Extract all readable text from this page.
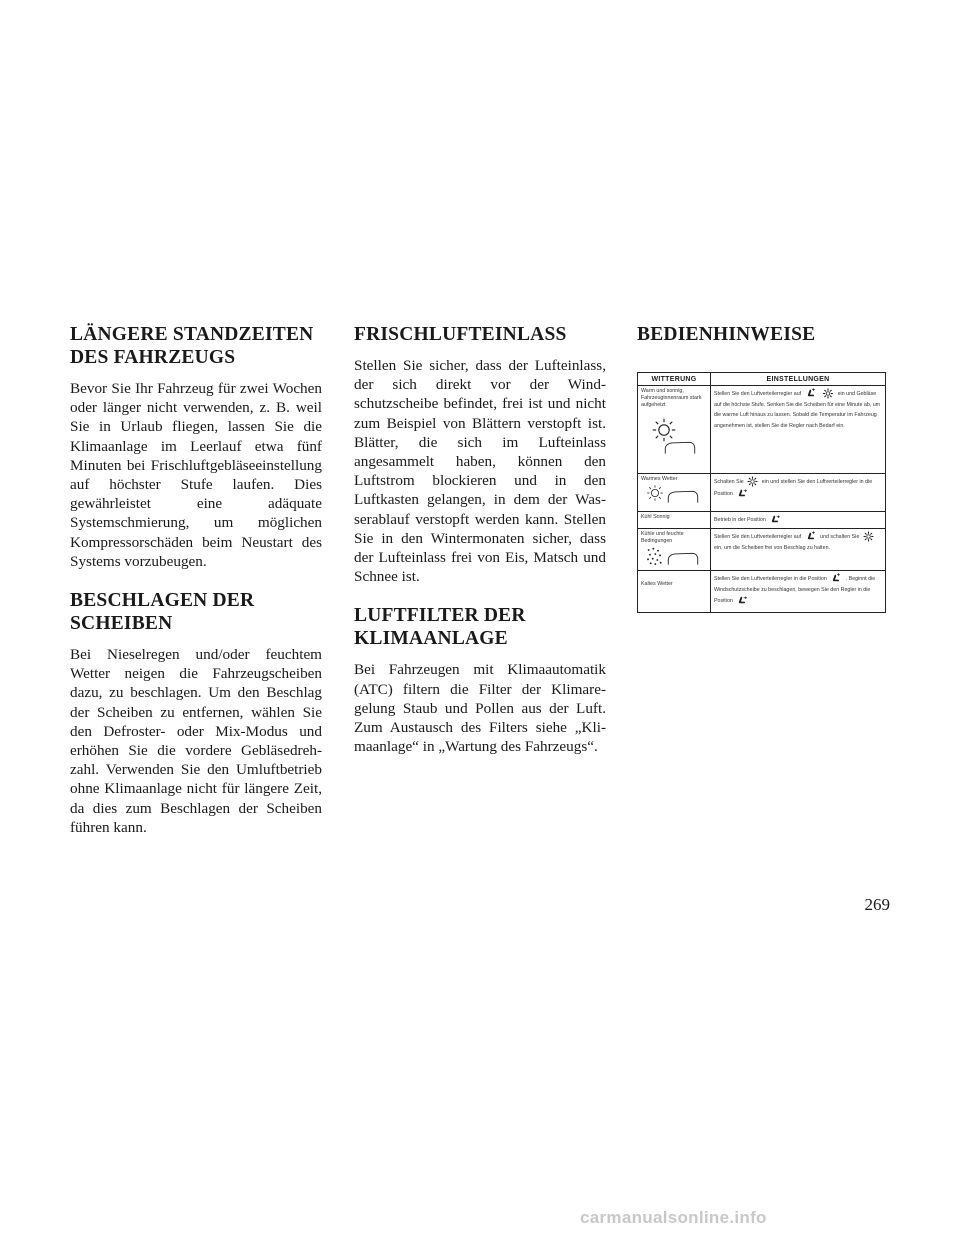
LÄNGERE STANDZEITEN DES FAHRZEUGS

Bevor Sie Ihr Fahrzeug für zwei Wochen oder länger nicht verwenden, z. B. weil Sie in Urlaub fliegen, lassen Sie die Klimaanlage im Leerlauf etwa fünf Minuten bei Frischluftgebläseeinstellung auf höchster Stufe laufen. Dies gewährleistet eine adäquate Systemschmierung, um möglichen Kompressorschäden beim Neustart des Systems vorzubeugen.

BESCHLAGEN DER SCHEIBEN

Bei Nieselregen und/oder feuchtem Wetter neigen die Fahrzeugscheiben dazu, zu beschlagen. Um den Beschlag der Scheiben zu entfernen, wählen Sie den Defroster- oder Mix-Modus und erhöhen Sie die vordere Gebläsedrehzahl. Verwenden Sie den Umluftbetrieb ohne Klimaanlage nicht für längere Zeit, da dies zum Beschlagen der Scheiben führen kann.

FRISCHLUFTEINLASS

Stellen Sie sicher, dass der Lufteinlass, der sich direkt vor der Windschutzscheibe befindet, frei ist und nicht zum Beispiel von Blättern verstopft ist. Blätter, die sich im Lufteinlass angesammelt haben, können den Luftstrom blockieren und in den Luftkasten gelangen, in dem der Wasserablauf verstopft werden kann. Stellen Sie in den Wintermonaten sicher, dass der Lufteinlass frei von Eis, Matsch und Schnee ist.

LUFTFILTER DER KLIMAANLAGE

Bei Fahrzeugen mit Klimaautomatik (ATC) filtern die Filter der Klimaregelung Staub und Pollen aus der Luft. Zum Austausch des Filters siehe „Klimaanlage“ in „Wartung des Fahrzeugs“.

BEDIENHINWEISE
WITTERUNG	EINSTELLUNGEN

Warm und sonnig, Fahrzeuginnenraum stark aufgeheizt	Stellen Sie den Luftverteilerregler auf ein und Gebläse auf die höchste Stufe. Senken Sie die Scheiben für eine Minute ab, um die warme Luft hinaus zu lassen. Sobald die Temperatur im Fahrzeug angenehmen ist, stellen Sie die Regler nach Bedarf ein.

Warmes Wetter	Schalten Sie ein und stellen Sie den Luftverteilerregler in die Position

Kühl Sonnig	Betrieb in der Position

Kühle und feuchte Bedingungen	Stellen Sie den Luftverteilerregler auf und schalten Sie  ein, um die Scheiben frei von Beschlag zu halten.

Kaltes Wetter	Stellen Sie den Luftverteilerregler in die Position . Beginnt die Windschutzscheibe zu beschlagen, bewegen Sie den Regler in die Position
269
carmanualsonline.info
